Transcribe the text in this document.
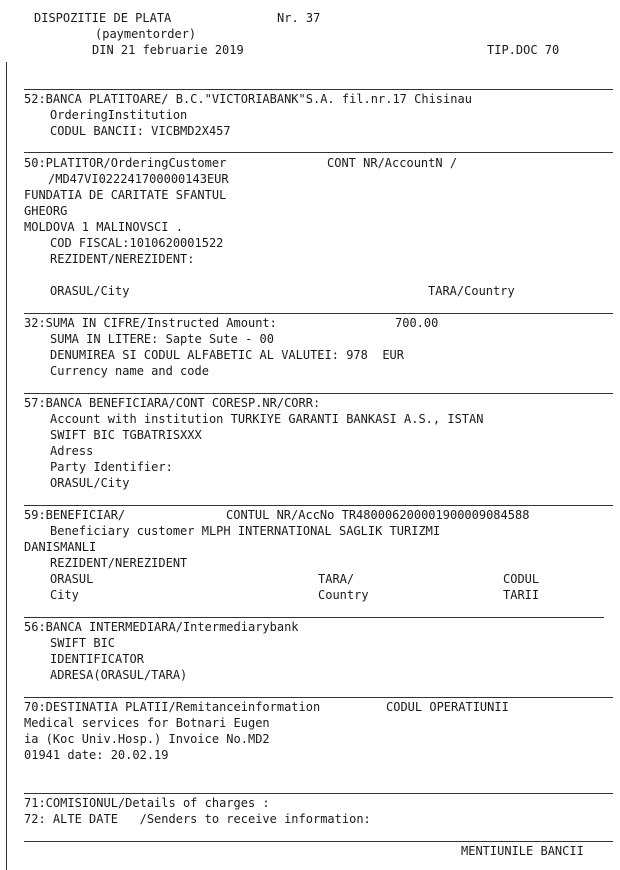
DISPOZITIE DE PLATA	Nr. 37
(paymentorder)
DIN 21 februarie 2019	TIP.DOC 70
52:BANCA PLATITOARE/ B.C."VICTORIABANK"S.A. fil.nr.17 Chisinau
OrderingInstitution
CODUL BANCII: VICBMD2X457
50:PLATITOR/OrderingCustomer	CONT NR/AccountN /
/MD47VI022241700000143EUR
FUNDATIA DE CARITATE SFANTUL
GHEORG
MOLDOVA 1 MALINOVSCI .
COD FISCAL:1010620001522
REZIDENT/NEREZIDENT:
ORASUL/City	TARA/Country
32:SUMA IN CIFRE/Instructed Amount:	700.00
SUMA IN LITERE: Sapte Sute - 00
DENUMIREA SI CODUL ALFABETIC AL VALUTEI: 978  EUR
Currency name and code
57:BANCA BENEFICIARA/CONT CORESP.NR/CORR:
Account with institution TURKIYE GARANTI BANKASI A.S., ISTAN
SWIFT BIC TGBATRISXXX
Adress
Party Identifier:
ORASUL/City
59:BENEFICIAR/	CONTUL NR/AccNo TR480006200001900009084588
Beneficiary customer MLPH INTERNATIONAL SAGLIK TURIZMI
DANISMANLI
REZIDENT/NEREZIDENT
ORASUL	TARA/	CODUL
City	Country	TARII
56:BANCA INTERMEDIARA/Intermediarybank
SWIFT BIC
IDENTIFICATOR
ADRESA(ORASUL/TARA)
70:DESTINATIA PLATII/Remitanceinformation	CODUL OPERATIUNII
Medical services for Botnari Eugen
ia (Koc Univ.Hosp.) Invoice No.MD2
01941 date: 20.02.19
71:COMISIONUL/Details of charges :
72: ALTE DATE   /Senders to receive information:
MENTIUNILE BANCII
